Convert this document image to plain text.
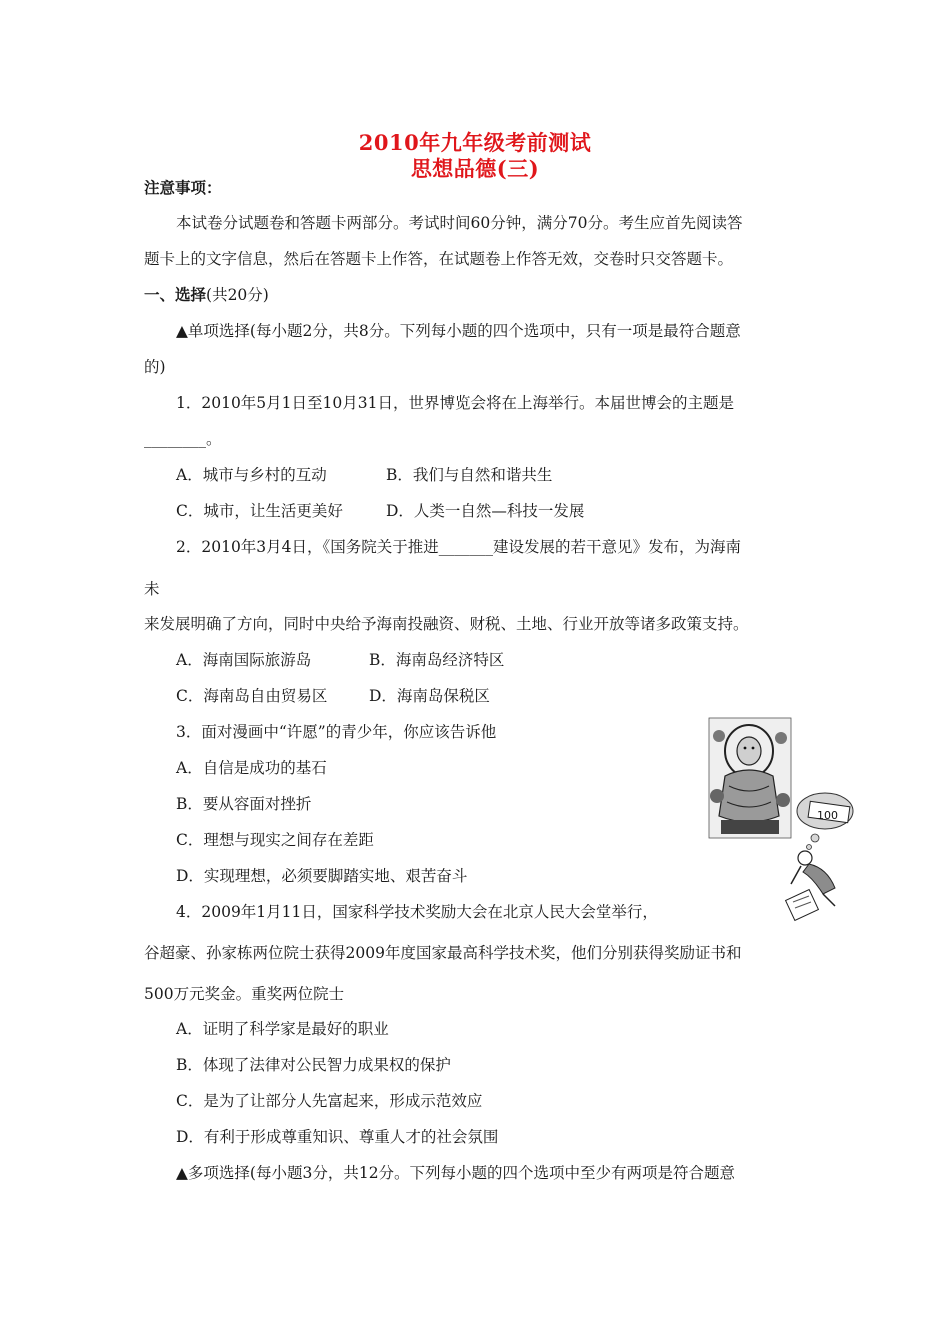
2010年九年级考前测试
思想品德(三)
注意事项：
本试卷分试题卷和答题卡两部分。考试时间60分钟，满分70分。考生应首先阅读答
题卡上的文字信息，然后在答题卡上作答，在试题卷上作答无效，交卷时只交答题卡。
一、选择(共20分)
▲单项选择(每小题2分，共8分。下列每小题的四个选项中，只有一项是最符合题意
的)
1．2010年5月1日至10月31日，世界博览会将在上海举行。本届世博会的主题是
________。
A．城市与乡村的互动	B．我们与自然和谐共生
C．城市，让生活更美好	D．人类一自然—科技一发展
2．2010年3月4日，《国务院关于推进_______建设发展的若干意见》发布，为海南
未
来发展明确了方向，同时中央给予海南投融资、财税、土地、行业开放等诸多政策支持。
A．海南国际旅游岛	B．海南岛经济特区
C．海南岛自由贸易区	D．海南岛保税区
3．面对漫画中“许愿”的青少年，你应该告诉他
A．自信是成功的基石
B．要从容面对挫折
C．理想与现实之间存在差距
D．实现理想，必须要脚踏实地、艰苦奋斗
100
4．2009年1月11日，国家科学技术奖励大会在北京人民大会堂举行，
谷超豪、孙家栋两位院士获得2009年度国家最高科学技术奖，他们分别获得奖励证书和
500万元奖金。重奖两位院士
A．证明了科学家是最好的职业
B．体现了法律对公民智力成果权的保护
C．是为了让部分人先富起来，形成示范效应
D．有利于形成尊重知识、尊重人才的社会氛围
▲多项选择(每小题3分，共12分。下列每小题的四个选项中至少有两项是符合题意
